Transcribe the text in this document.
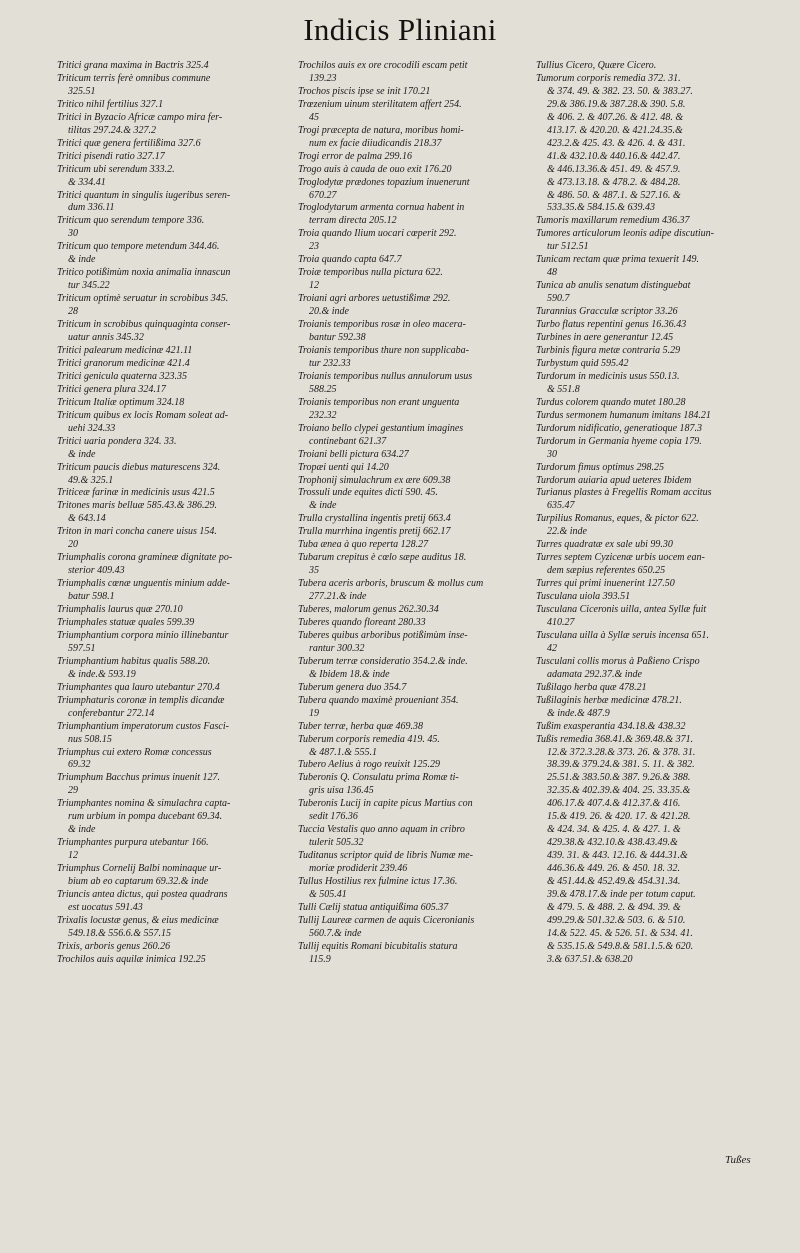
Indicis Pliniani
Tritici grana maxima in Bactris 325.4
Triticum terris ferè omnibus commune
325.51
Tritico nihil fertilius 327.1
Tritici in Byzacio Africæ campo mira fer-
tilitas 297.24.& 327.2
Tritici quæ genera fertilißima 327.6
Tritici pisendi ratio 327.17
Triticum ubi serendum 333.2.
& 334.41
Tritici quantum in singulis iugeribus seren-
dum 336.11
Triticum quo serendum tempore 336.
30
Triticum quo tempore metendum 344.46.
& inde
Tritico potißimùm noxia animalia innascun
tur 345.22
Triticum optimè seruatur in scrobibus 345.
28
Triticum in scrobibus quinquaginta conser-
uatur annis 345.32
Tritici palearum medicinæ 421.11
Tritici granorum medicinæ 421.4
Tritici genicula quaterna 323.35
Tritici genera plura 324.17
Triticum Italiæ optimum 324.18
Triticum quibus ex locis Romam soleat ad-
uehi 324.33
Tritici uaria pondera 324. 33.
& inde
Triticum paucis diebus maturescens 324.
49.& 325.1
Triticeæ farinæ in medicinis usus 421.5
Tritones maris belluæ 585.43.& 386.29.
& 643.14
Triton in mari concha canere uisus 154.
20
Triumphalis corona gramineæ dignitate po-
sterior 409.43
Triumphalis cœnæ unguentis minium adde-
batur 598.1
Triumphalis laurus quæ 270.10
Triumphales statuæ quales 599.39
Triumphantium corpora minio illinebantur
597.51
Triumphantium habitus qualis 588.20.
& inde.& 593.19
Triumphantes qua lauro utebantur 270.4
Triumphaturis coronæ in templis dicandæ
conferebantur 272.14
Triumphantium imperatorum custos Fasci-
nus 508.15
Triumphus cui extero Romæ concessus
69.32
Triumphum Bacchus primus inuenit 127.
29
Triumphantes nomina & simulachra capta-
rum urbium in pompa ducebant 69.34.
& inde
Triumphantes purpura utebantur 166.
12
Triumphus Cornelij Balbi nominaque ur-
bium ab eo captarum 69.32.& inde
Triuncis antea dictus, qui postea quadrans
est uocatus 591.43
Trixalis locustæ genus, & eius medicinæ
549.18.& 556.6.& 557.15
Trixis, arboris genus 260.26
Trochilos auis aquilæ inimica 192.25
Trochilos auis ex ore crocodili escam petit
139.23
Trochos piscis ipse se init 170.21
Trœzenium uinum sterilitatem affert 254.
45
Trogi præcepta de natura, moribus homi-
num ex facie diiudicandis 218.37
Trogi error de palma 299.16
Trogo auis à cauda de ouo exit 176.20
Troglodytæ prædones topazium inuenerunt
670.27
Troglodytarum armenta cornua habent in
terram directa 205.12
Troia quando Ilium uocari cœperit 292.
23
Troia quando capta 647.7
Troiæ temporibus nulla pictura 622.
12
Troiani agri arbores uetustißimæ 292.
20.& inde
Troianis temporibus rosæ in oleo macera-
bantur 592.38
Troianis temporibus thure non supplicaba-
tur 232.33
Troianis temporibus nullus annulorum usus
588.25
Troianis temporibus non erant unguenta
232.32
Troiano bello clypei gestantium imagines
continebant 621.37
Troiani belli pictura 634.27
Tropæi uenti qui 14.20
Trophonij simulachrum ex ære 609.38
Trossuli unde equites dicti 590. 45.
& inde
Trulla crystallina ingentis pretij 663.4
Trulla murrhina ingentis pretij 662.17
Tuba ænea à quo reperta 128.27
Tubarum crepitus è cœlo sæpe auditus 18.
35
Tubera aceris arboris, bruscum & mollus cum
277.21.& inde
Tuberes, malorum genus 262.30.34
Tuberes quando floreant 280.33
Tuberes quibus arboribus potißimùm inse-
rantur 300.32
Tuberum terræ consideratio 354.2.& inde.
& Ibidem 18.& inde
Tuberum genera duo 354.7
Tubera quando maximè proueniant 354.
19
Tuber terræ, herba quæ 469.38
Tuberum corporis remedia 419. 45.
& 487.1.& 555.1
Tubero Aelius à rogo reuixit 125.29
Tuberonis Q. Consulatu prima Romæ ti-
gris uisa 136.45
Tuberonis Lucij in capite picus Martius con
sedit 176.36
Tuccia Vestalis quo anno aquam in cribro
tulerit 505.32
Tuditanus scriptor quid de libris Numæ me-
moriæ prodiderit 239.46
Tullus Hostilius rex fulmine ictus 17.36.
& 505.41
Tulli Cælij statua antiquißima 605.37
Tullij Laureæ carmen de aquis Ciceronianis
560.7.& inde
Tullij equitis Romani bicubitalis statura
115.9
Tullius Cicero, Quære Cicero.
Tumorum corporis remedia 372. 31.
& 374. 49. & 382. 23. 50. & 383.27.
29.& 386.19.& 387.28.& 390. 5.8.
& 406. 2. & 407.26. & 412. 48. &
413.17. & 420.20. & 421.24.35.&
423.2.& 425. 43. & 426. 4. & 431.
41.& 432.10.& 440.16.& 442.47.
& 446.13.36.& 451. 49. & 457.9.
& 473.13.18. & 478.2. & 484.28.
& 486. 50. & 487.1. & 527.16. &
533.35.& 584.15.& 639.43
Tumoris maxillarum remedium 436.37
Tumores articulorum leonis adipe discutiun-
tur 512.51
Tunicam rectam quæ prima texuerit 149.
48
Tunica ab anulis senatum distinguebat
590.7
Turannius Gracculæ scriptor 33.26
Turbo flatus repentini genus 16.36.43
Turbines in aere generantur 12.45
Turbinis figura metæ contraria 5.29
Turbystum quid 595.42
Turdorum in medicinis usus 550.13.
& 551.8
Turdus colorem quando mutet 180.28
Turdus sermonem humanum imitans 184.21
Turdorum nidificatio, generatioque 187.3
Turdorum in Germania hyeme copia 179.
30
Turdorum fimus optimus 298.25
Turdorum auiaria apud ueteres Ibidem
Turianus plastes à Fregellis Romam accitus
635.47
Turpilius Romanus, eques, & pictor 622.
22.& inde
Turres quadratæ ex sale ubi 99.30
Turres septem Cyzicenæ urbis uocem ean-
dem sæpius referentes 650.25
Turres qui primi inuenerint 127.50
Tusculana uiola 393.51
Tusculana Ciceronis uilla, antea Syllæ fuit
410.27
Tusculana uilla à Syllæ seruis incensa 651.
42
Tusculani collis morus à Paßieno Crispo
adamata 292.37.& inde
Tußilago herba quæ 478.21
Tußilaginis herbæ medicinæ 478.21.
& inde.& 487.9
Tußim exasperantia 434.18.& 438.32
Tußis remedia 368.41.& 369.48.& 371.
12.& 372.3.28.& 373. 26. & 378. 31.
38.39.& 379.24.& 381. 5. 11. & 382.
25.51.& 383.50.& 387. 9.26.& 388.
32.35.& 402.39.& 404. 25. 33.35.&
406.17.& 407.4.& 412.37.& 416.
15.& 419. 26. & 420. 17. & 421.28.
& 424. 34. & 425. 4. & 427. 1. &
429.38.& 432.10.& 438.43.49.&
439. 31. & 443. 12.16. & 444.31.&
446.36.& 449. 26. & 450. 18. 32.
& 451.44.& 452.49.& 454.31.34.
39.& 478.17.& inde per totum caput.
& 479. 5. & 488. 2. & 494. 39. &
499.29.& 501.32.& 503. 6. & 510.
14.& 522. 45. & 526. 51. & 534. 41.
& 535.15.& 549.8.& 581.1.5.& 620.
3.& 637.51.& 638.20
Tußes
